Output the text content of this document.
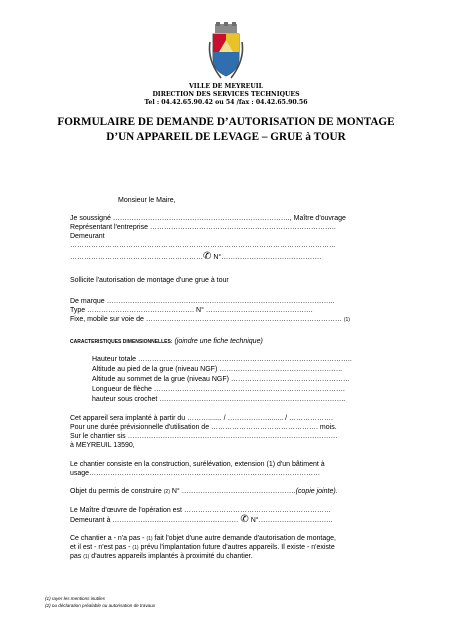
VILLE DE MEYREUIL
DIRECTION DES SERVICES TECHNIQUES
Tel : 04.42.65.90.42 ou 54 /fax : 04.42.65.90.56
FORMULAIRE DE DEMANDE D’AUTORISATION DE MONTAGE
D’UN APPAREIL DE LEVAGE – GRUE à TOUR
Monsieur le Maire,
Je soussigné …………………………………………………………………., Maître d'ouvrage
Représentant l'entreprise ……………………………………………………………………..
Demeurant
……………………………………………………………………………………………………
…………………………………………………✆ N°…………………………………….
Sollicite l'autorisation de montage d'une grue à tour
De marque ……………………………………………………………………………………..
Type ………………………………………. N° ……………………………………….
Fixe, mobile sur voie de ………………………………………………………………………… (1)
CARACTERISTIQUES DIMENSIONNELLES: (joindre une fiche technique)
Hauteur totale ………………………………………………………………………………..
Altitude au pied de la grue (niveau NGF) ……………………………………………..
Altitude au sommet de la grue (niveau NGF) ……………………………………………
Longueur de flèche ……………………………………………………………………….
hauteur sous crochet ……………………………………………………………………..
Cet appareil sera implanté à partir du ………....... / ………………....... / ……………….
Pour une durée prévisionnelle d'utilisation de ………………………………………. mois.
Sur le chantier sis ………………………………………………………………………………
à MEYREUIL 13590,
Le chantier consiste en la construction, surélévation, extension (1) d'un bâtiment à
usage………………………………………………………………………………………
Objet du permis de construire (2) N° ………………………………………….(copie jointe).
Le Maître d'œuvre de l'opération est ………………………………………………………
Demeurant à ……………………………………………… ✆ N°…………………………..
Ce chantier a - n'a pas - (1) fait l'objet d'une autre demande d'autorisation de montage,
et il est - n'est pas - (1) prévu l'implantation future d'autres appareils. Il existe - n'existe
pas (1) d'autres appareils implantés à proximité du chantier.
(1) rayer les mentions inutiles
(2) ou déclaration préalable ou autorisation de travaux
